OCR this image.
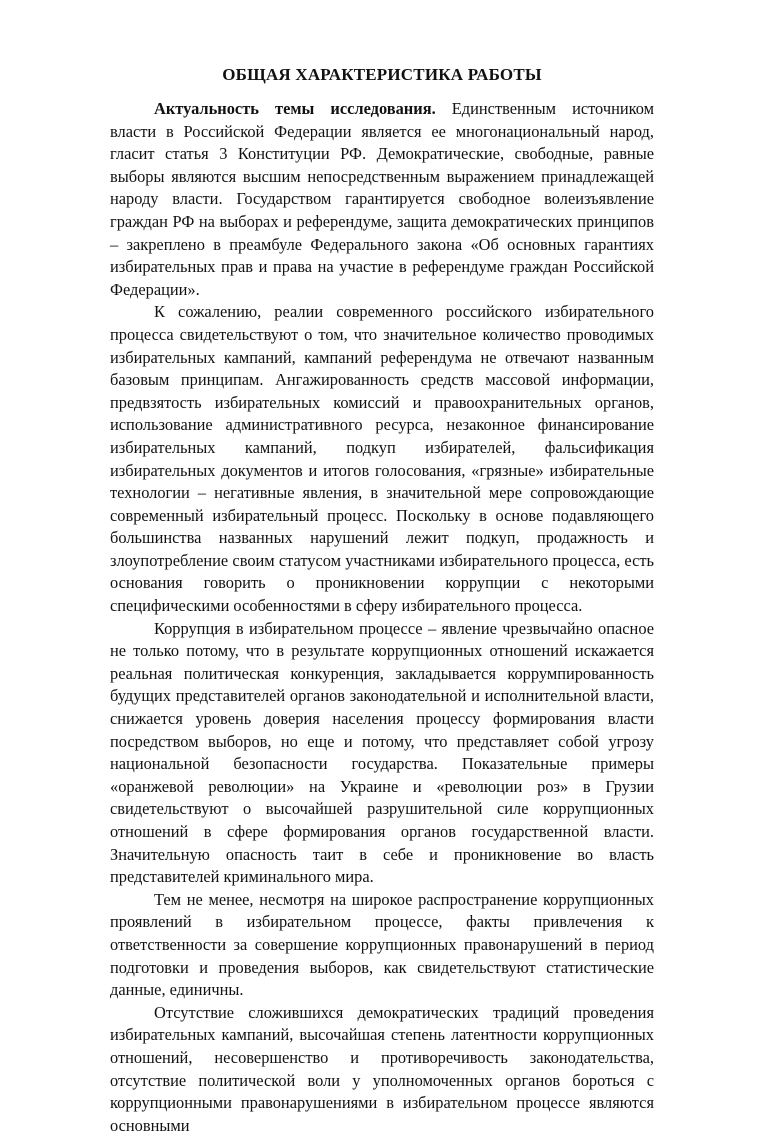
ОБЩАЯ ХАРАКТЕРИСТИКА РАБОТЫ

Актуальность темы исследования. Единственным источником власти в Российской Федерации является ее многонациональный народ, гласит статья 3 Конституции РФ. Демократические, свободные, равные выборы являются высшим непосредственным выражением принадлежащей народу власти. Государством гарантируется свободное волеизъявление граждан РФ на выборах и референдуме, защита демократических принципов – закреплено в преамбуле Федерального закона «Об основных гарантиях избирательных прав и права на участие в референдуме граждан Российской Федерации».

К сожалению, реалии современного российского избирательного процесса свидетельствуют о том, что значительное количество проводимых избирательных кампаний, кампаний референдума не отвечают названным базовым принципам. Ангажированность средств массовой информации, предвзятость избирательных комиссий и правоохранительных органов, использование административного ресурса, незаконное финансирование избирательных кампаний, подкуп избирателей, фальсификация избирательных документов и итогов голосования, «грязные» избирательные технологии – негативные явления, в значительной мере сопровождающие современный избирательный процесс. Поскольку в основе подавляющего большинства названных нарушений лежит подкуп, продажность и злоупотребление своим статусом участниками избирательного процесса, есть основания говорить о проникновении коррупции с некоторыми специфическими особенностями в сферу избирательного процесса.

Коррупция в избирательном процессе – явление чрезвычайно опасное не только потому, что в результате коррупционных отношений искажается реальная политическая конкуренция, закладывается коррумпированность будущих представителей органов законодательной и исполнительной власти, снижается уровень доверия населения процессу формирования власти посредством выборов, но еще и потому, что представляет собой угрозу национальной безопасности государства. Показательные примеры «оранжевой революции» на Украине и «революции роз» в Грузии свидетельствуют о высочайшей разрушительной силе коррупционных отношений в сфере формирования органов государственной власти. Значительную опасность таит в себе и проникновение во власть представителей криминального мира.

Тем не менее, несмотря на широкое распространение коррупционных проявлений в избирательном процессе, факты привлечения к ответственности за совершение коррупционных правонарушений в период подготовки и проведения выборов, как свидетельствуют статистические данные, единичны.

Отсутствие сложившихся демократических традиций проведения избирательных кампаний, высочайшая степень латентности коррупционных отношений, несовершенство и противоречивость законодательства, отсутствие политической воли у уполномоченных органов бороться с коррупционными правонарушениями в избирательном процессе являются основными
